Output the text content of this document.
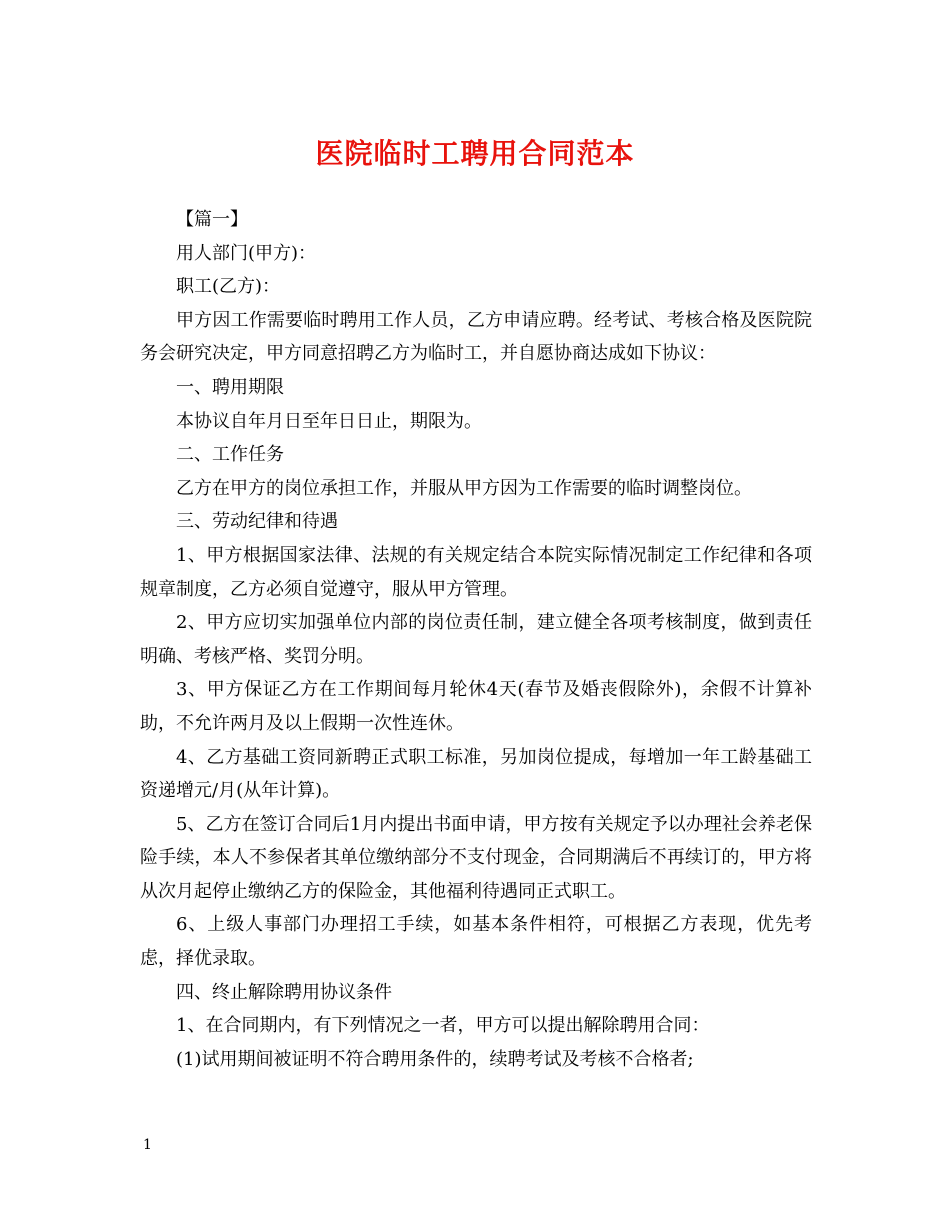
医院临时工聘用合同范本

【篇一】

用人部门(甲方)：

职工(乙方)：

甲方因工作需要临时聘用工作人员，乙方申请应聘。经考试、考核合格及医院院务会研究决定，甲方同意招聘乙方为临时工，并自愿协商达成如下协议：

一、聘用期限

本协议自年月日至年日日止，期限为。

二、工作任务

乙方在甲方的岗位承担工作，并服从甲方因为工作需要的临时调整岗位。

三、劳动纪律和待遇

1、甲方根据国家法律、法规的有关规定结合本院实际情况制定工作纪律和各项规章制度，乙方必须自觉遵守，服从甲方管理。

2、甲方应切实加强单位内部的岗位责任制，建立健全各项考核制度，做到责任明确、考核严格、奖罚分明。

3、甲方保证乙方在工作期间每月轮休4天(春节及婚丧假除外)，余假不计算补助，不允许两月及以上假期一次性连休。

4、乙方基础工资同新聘正式职工标准，另加岗位提成，每增加一年工龄基础工资递增元/月(从年计算)。

5、乙方在签订合同后1月内提出书面申请，甲方按有关规定予以办理社会养老保险手续，本人不参保者其单位缴纳部分不支付现金，合同期满后不再续订的，甲方将从次月起停止缴纳乙方的保险金，其他福利待遇同正式职工。

6、上级人事部门办理招工手续，如基本条件相符，可根据乙方表现，优先考虑，择优录取。

四、终止解除聘用协议条件

1、在合同期内，有下列情况之一者，甲方可以提出解除聘用合同：

(1)试用期间被证明不符合聘用条件的，续聘考试及考核不合格者;

1
